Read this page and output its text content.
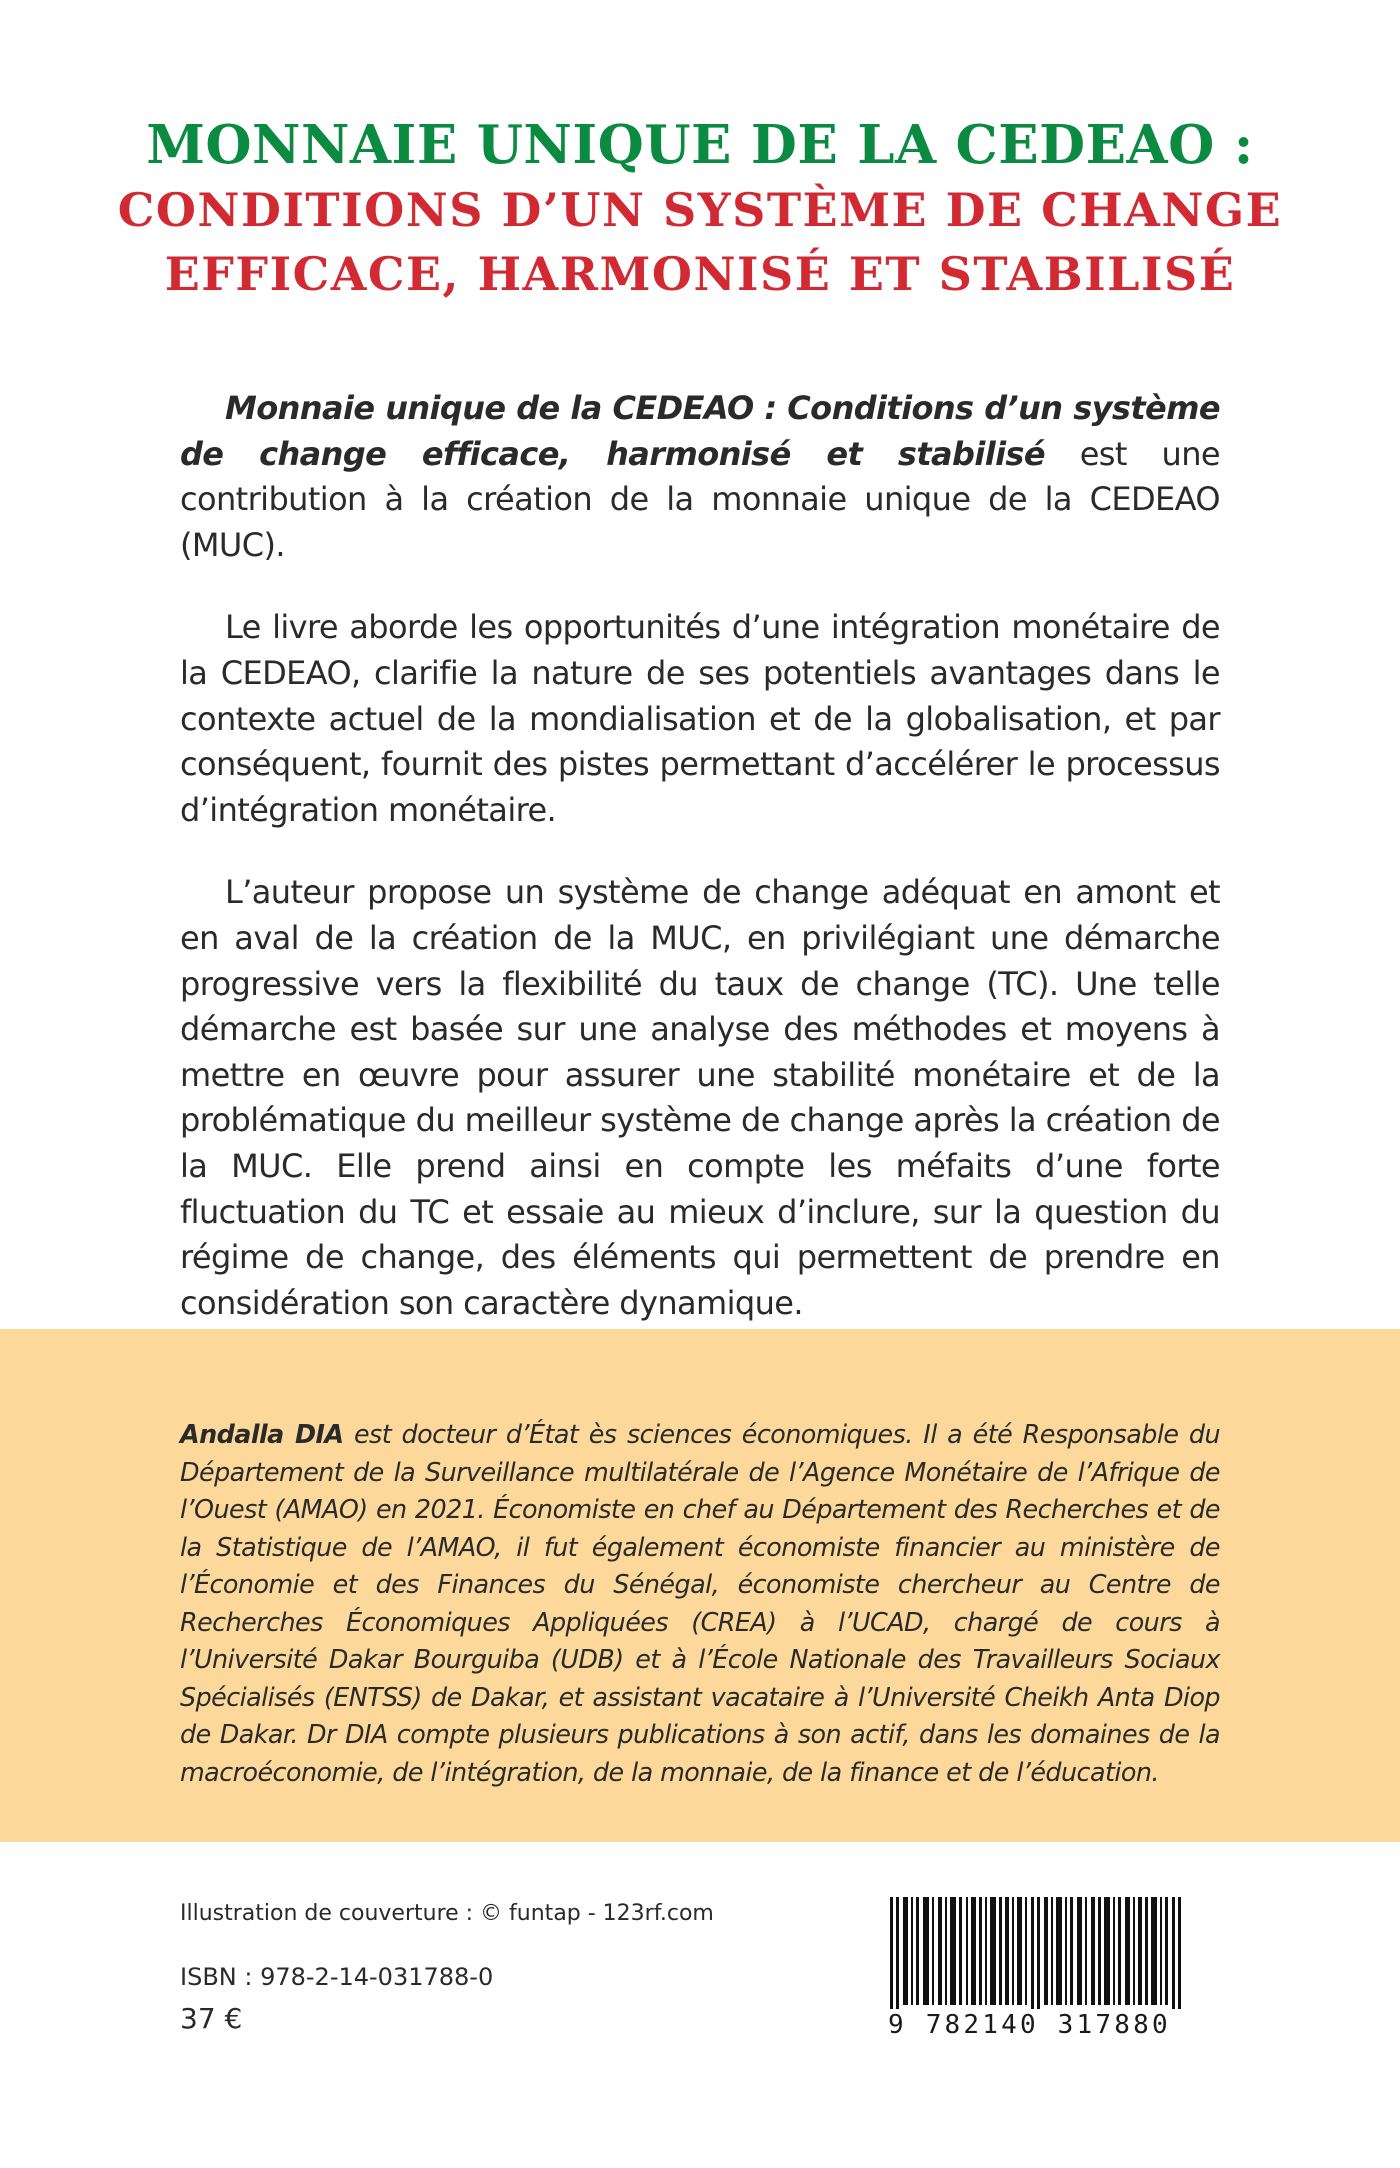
MONNAIE UNIQUE DE LA CEDEAO :
CONDITIONS D’UN SYSTÈME DE CHANGE
EFFICACE, HARMONISÉ ET STABILISÉ

Monnaie unique de la CEDEAO : Conditions d’un système de change efficace, harmonisé et stabilisé est une contribution à la création de la monnaie unique de la CEDEAO (MUC).

Le livre aborde les opportunités d’une intégration monétaire de la CEDEAO, clarifie la nature de ses potentiels avantages dans le contexte actuel de la mondialisation et de la globalisation, et par conséquent, fournit des pistes permettant d’accélérer le processus d’intégration monétaire.

L’auteur propose un système de change adéquat en amont et en aval de la création de la MUC, en privilégiant une démarche progressive vers la flexibilité du taux de change (TC). Une telle démarche est basée sur une analyse des méthodes et moyens à mettre en œuvre pour assurer une stabilité monétaire et de la problématique du meilleur système de change après la création de la MUC. Elle prend ainsi en compte les méfaits d’une forte fluctuation du TC et essaie au mieux d’inclure, sur la question du régime de change, des éléments qui permettent de prendre en considération son caractère dynamique.

Andalla DIA est docteur d’État ès sciences économiques. Il a été Responsable du Département de la Surveillance multilatérale de l’Agence Monétaire de l’Afrique de l’Ouest (AMAO) en 2021. Économiste en chef au Département des Recherches et de la Statistique de l’AMAO, il fut également économiste financier au ministère de l’Économie et des Finances du Sénégal, économiste chercheur au Centre de Recherches Économiques Appliquées (CREA) à l’UCAD, chargé de cours à l’Université Dakar Bourguiba (UDB) et à l’École Nationale des Travailleurs Sociaux Spécialisés (ENTSS) de Dakar, et assistant vacataire à l’Université Cheikh Anta Diop de Dakar. Dr DIA compte plusieurs publications à son actif, dans les domaines de la macroéconomie, de l’intégration, de la monnaie, de la finance et de l’éducation.

Illustration de couverture : © funtap - 123rf.com
ISBN : 978-2-14-031788-0
37 €	9 782140 317880
